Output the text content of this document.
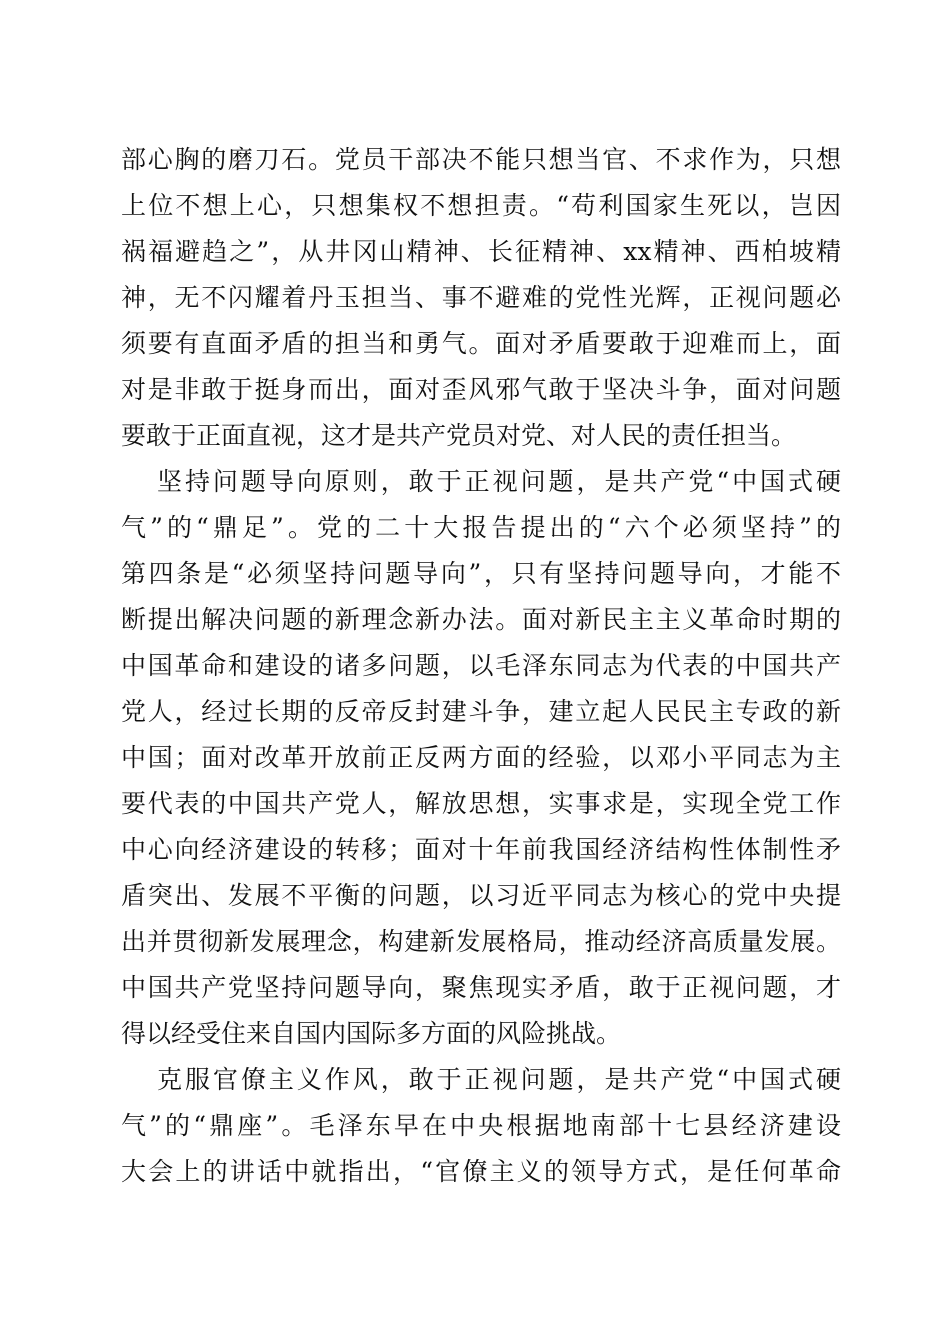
部心胸的磨刀石。党员干部决不能只想当官、不求作为，只想
上位不想上心，只想集权不想担责。“苟利国家生死以，岂因
祸福避趋之”，从井冈山精神、长征精神、xx精神、西柏坡精
神，无不闪耀着丹玉担当、事不避难的党性光辉，正视问题必
须要有直面矛盾的担当和勇气。面对矛盾要敢于迎难而上，面
对是非敢于挺身而出，面对歪风邪气敢于坚决斗争，面对问题
要敢于正面直视，这才是共产党员对党、对人民的责任担当。
坚持问题导向原则，敢于正视问题，是共产党“中国式硬
气”的“鼎足”。党的二十大报告提出的“六个必须坚持”的
第四条是“必须坚持问题导向”，只有坚持问题导向，才能不
断提出解决问题的新理念新办法。面对新民主主义革命时期的
中国革命和建设的诸多问题，以毛泽东同志为代表的中国共产
党人，经过长期的反帝反封建斗争，建立起人民民主专政的新
中国；面对改革开放前正反两方面的经验，以邓小平同志为主
要代表的中国共产党人，解放思想，实事求是，实现全党工作
中心向经济建设的转移；面对十年前我国经济结构性体制性矛
盾突出、发展不平衡的问题，以习近平同志为核心的党中央提
出并贯彻新发展理念，构建新发展格局，推动经济高质量发展。
中国共产党坚持问题导向，聚焦现实矛盾，敢于正视问题，才
得以经受住来自国内国际多方面的风险挑战。
克服官僚主义作风，敢于正视问题，是共产党“中国式硬
气”的“鼎座”。毛泽东早在中央根据地南部十七县经济建设
大会上的讲话中就指出，“官僚主义的领导方式，是任何革命
